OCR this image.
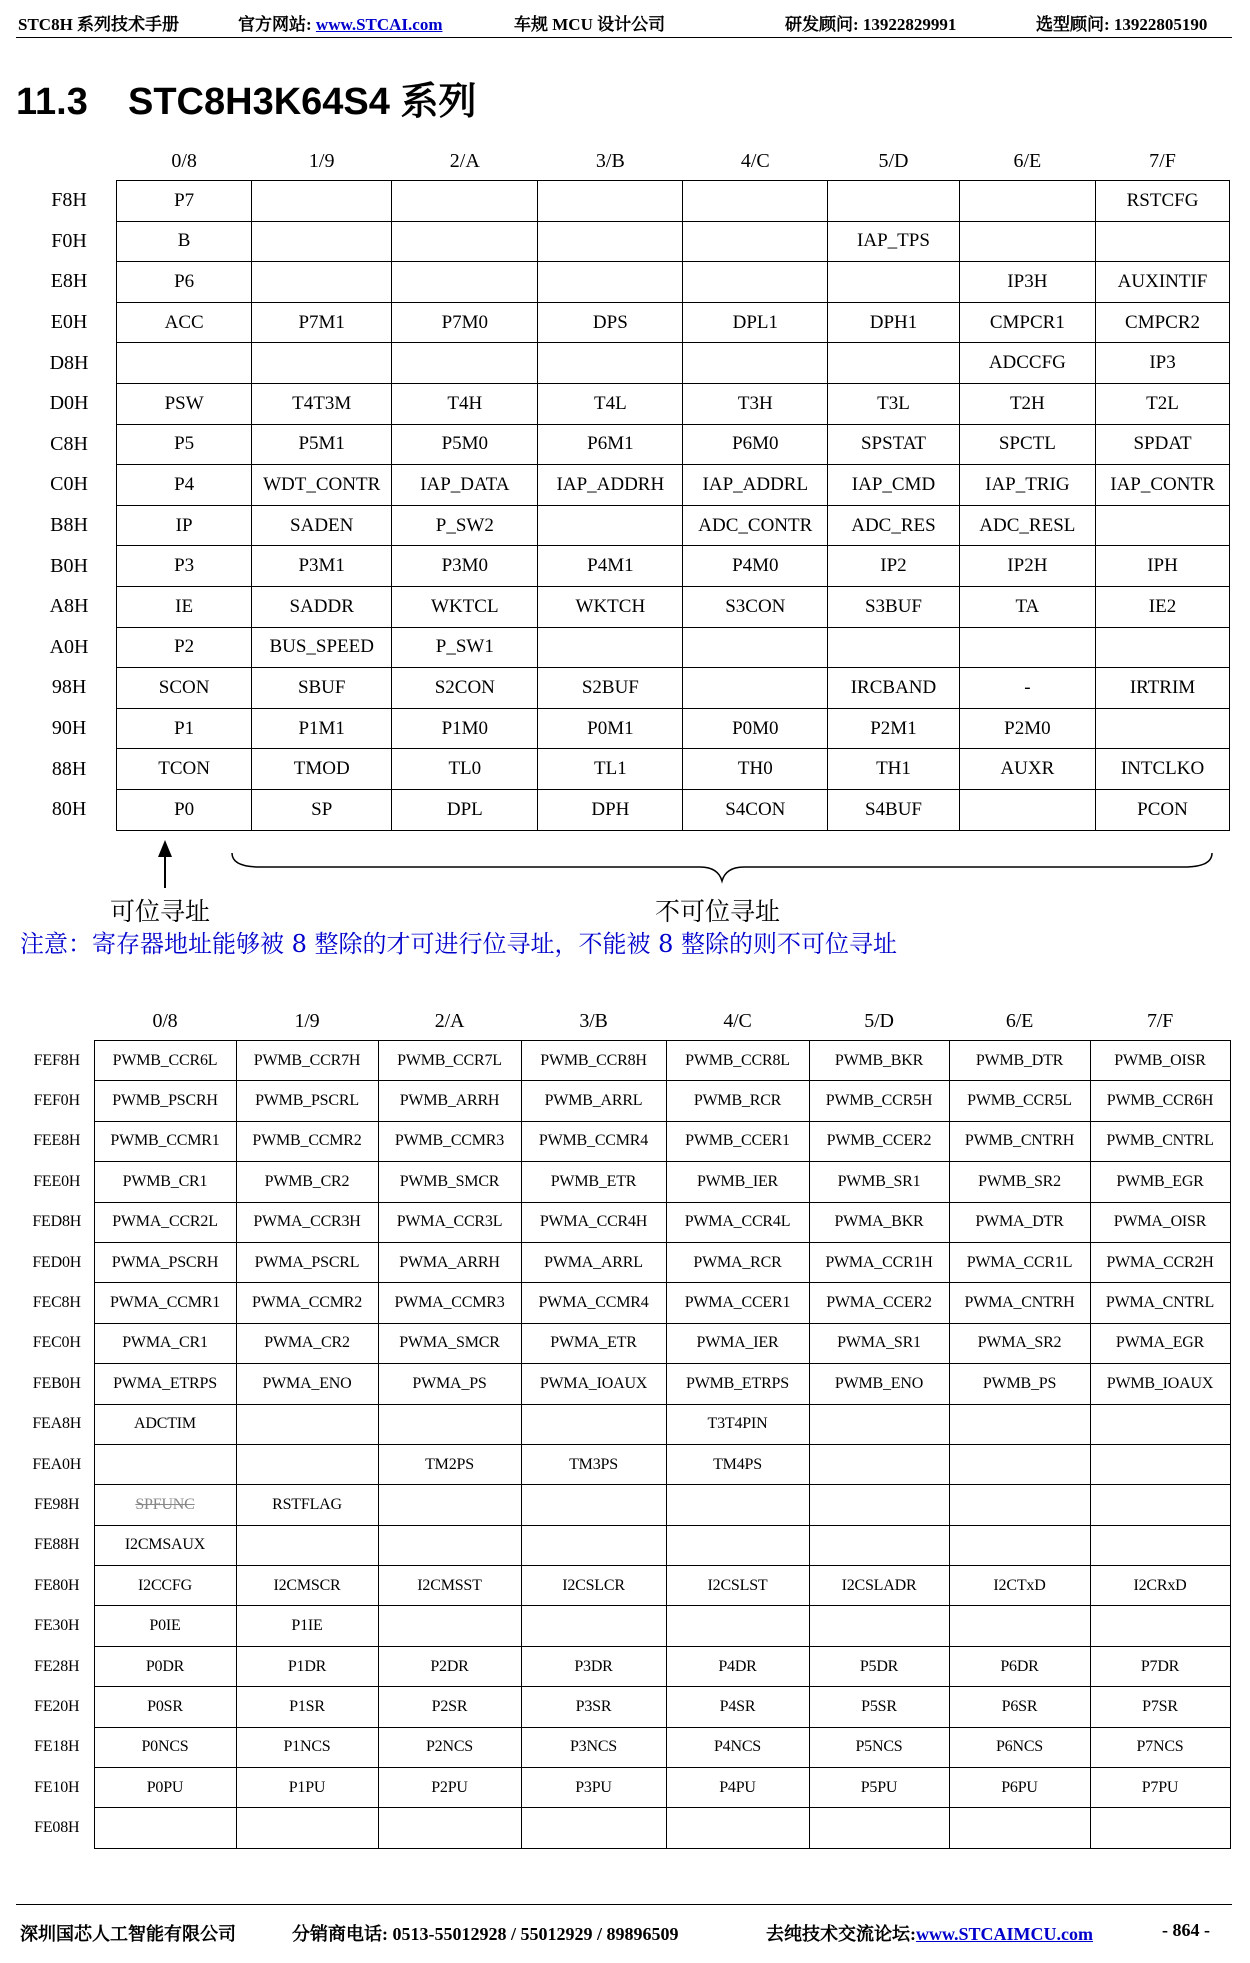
STC8H 系列技术手册	官方网站: www.STCAI.com	车规 MCU 设计公司	研发顾问: 13922829991	选型顾问: 13922805190
11.3 STC8H3K64S4 系列
	0/8	1/9	2/A	3/B	4/C	5/D	6/E	7/F
F8H	P7							RSTCFG
F0H	B					IAP_TPS		
E8H	P6						IP3H	AUXINTIF
E0H	ACC	P7M1	P7M0	DPS	DPL1	DPH1	CMPCR1	CMPCR2
D8H							ADCCFG	IP3
D0H	PSW	T4T3M	T4H	T4L	T3H	T3L	T2H	T2L
C8H	P5	P5M1	P5M0	P6M1	P6M0	SPSTAT	SPCTL	SPDAT
C0H	P4	WDT_CONTR	IAP_DATA	IAP_ADDRH	IAP_ADDRL	IAP_CMD	IAP_TRIG	IAP_CONTR
B8H	IP	SADEN	P_SW2		ADC_CONTR	ADC_RES	ADC_RESL	
B0H	P3	P3M1	P3M0	P4M1	P4M0	IP2	IP2H	IPH
A8H	IE	SADDR	WKTCL	WKTCH	S3CON	S3BUF	TA	IE2
A0H	P2	BUS_SPEED	P_SW1					
98H	SCON	SBUF	S2CON	S2BUF		IRCBAND	-	IRTRIM
90H	P1	P1M1	P1M0	P0M1	P0M0	P2M1	P2M0	
88H	TCON	TMOD	TL0	TL1	TH0	TH1	AUXR	INTCLKO
80H	P0	SP	DPL	DPH	S4CON	S4BUF		PCON
可位寻址	不可位寻址
注意：寄存器地址能够被 8 整除的才可进行位寻址，不能被 8 整除的则不可位寻址
	0/8	1/9	2/A	3/B	4/C	5/D	6/E	7/F
FEF8H	PWMB_CCR6L	PWMB_CCR7H	PWMB_CCR7L	PWMB_CCR8H	PWMB_CCR8L	PWMB_BKR	PWMB_DTR	PWMB_OISR
FEF0H	PWMB_PSCRH	PWMB_PSCRL	PWMB_ARRH	PWMB_ARRL	PWMB_RCR	PWMB_CCR5H	PWMB_CCR5L	PWMB_CCR6H
FEE8H	PWMB_CCMR1	PWMB_CCMR2	PWMB_CCMR3	PWMB_CCMR4	PWMB_CCER1	PWMB_CCER2	PWMB_CNTRH	PWMB_CNTRL
FEE0H	PWMB_CR1	PWMB_CR2	PWMB_SMCR	PWMB_ETR	PWMB_IER	PWMB_SR1	PWMB_SR2	PWMB_EGR
FED8H	PWMA_CCR2L	PWMA_CCR3H	PWMA_CCR3L	PWMA_CCR4H	PWMA_CCR4L	PWMA_BKR	PWMA_DTR	PWMA_OISR
FED0H	PWMA_PSCRH	PWMA_PSCRL	PWMA_ARRH	PWMA_ARRL	PWMA_RCR	PWMA_CCR1H	PWMA_CCR1L	PWMA_CCR2H
FEC8H	PWMA_CCMR1	PWMA_CCMR2	PWMA_CCMR3	PWMA_CCMR4	PWMA_CCER1	PWMA_CCER2	PWMA_CNTRH	PWMA_CNTRL
FEC0H	PWMA_CR1	PWMA_CR2	PWMA_SMCR	PWMA_ETR	PWMA_IER	PWMA_SR1	PWMA_SR2	PWMA_EGR
FEB0H	PWMA_ETRPS	PWMA_ENO	PWMA_PS	PWMA_IOAUX	PWMB_ETRPS	PWMB_ENO	PWMB_PS	PWMB_IOAUX
FEA8H	ADCTIM				T3T4PIN			
FEA0H			TM2PS	TM3PS	TM4PS			
FE98H	SPFUNC	RSTFLAG						
FE88H	I2CMSAUX							
FE80H	I2CCFG	I2CMSCR	I2CMSST	I2CSLCR	I2CSLST	I2CSLADR	I2CTxD	I2CRxD
FE30H	P0IE	P1IE						
FE28H	P0DR	P1DR	P2DR	P3DR	P4DR	P5DR	P6DR	P7DR
FE20H	P0SR	P1SR	P2SR	P3SR	P4SR	P5SR	P6SR	P7SR
FE18H	P0NCS	P1NCS	P2NCS	P3NCS	P4NCS	P5NCS	P6NCS	P7NCS
FE10H	P0PU	P1PU	P2PU	P3PU	P4PU	P5PU	P6PU	P7PU
FE08H								
深圳国芯人工智能有限公司	分销商电话: 0513-55012928 / 55012929 / 89896509	去纯技术交流论坛:www.STCAIMCU.com	- 864 -
